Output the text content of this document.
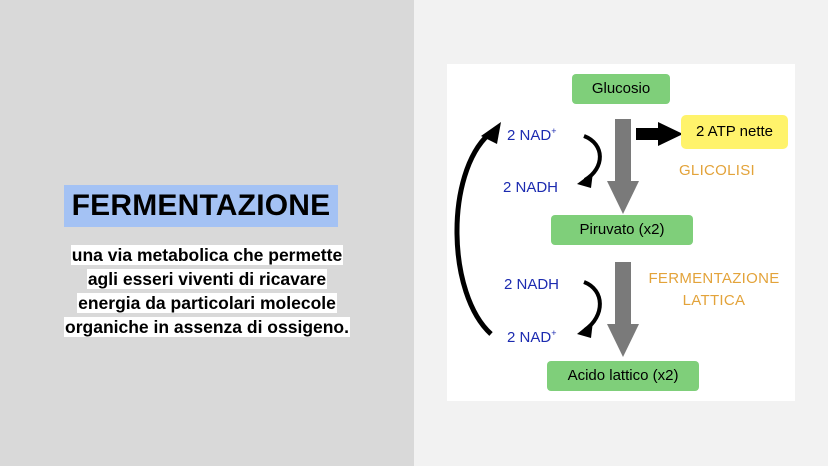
FERMENTAZIONE
una via metabolica che permette
agli esseri viventi di ricavare
energia da particolari molecole
organiche in assenza di ossigeno.
Glucosio
2 ATP nette
2 NAD+
2 NADH
GLICOLISI
Piruvato (x2)
2 NADH	FERMENTAZIONE
LATTICA
2 NAD+
Acido lattico (x2)
